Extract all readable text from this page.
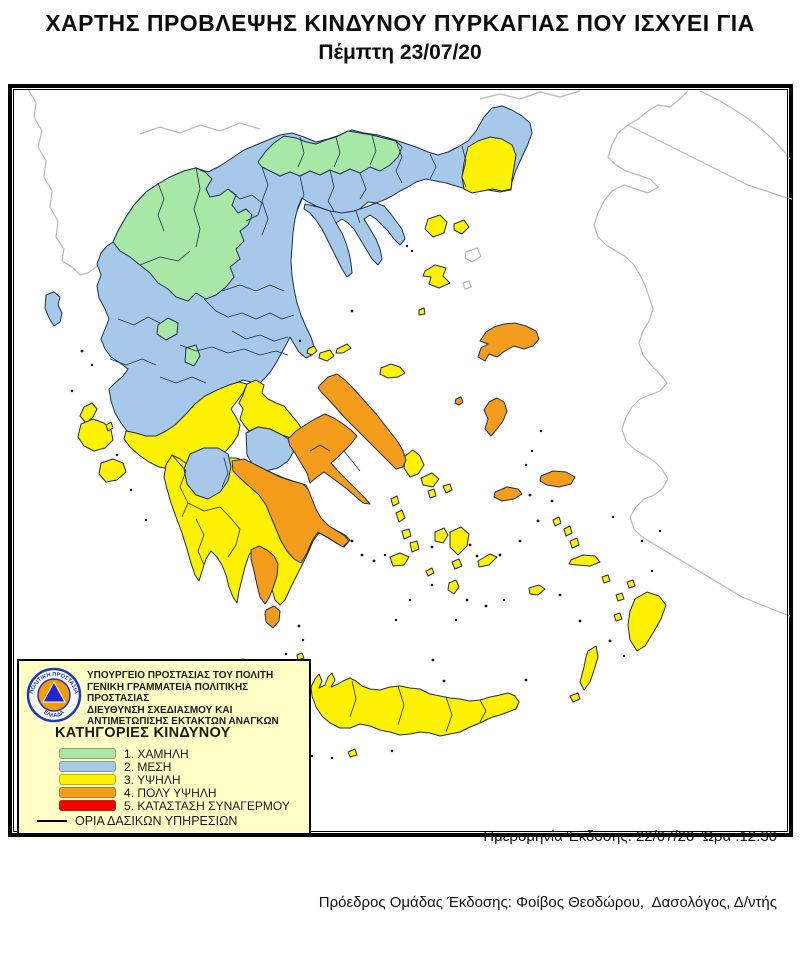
ΧΑΡΤΗΣ ΠΡΟΒΛΕΨΗΣ ΚΙΝΔΥΝΟΥ ΠΥΡΚΑΓΙΑΣ ΠΟΥ ΙΣΧΥΕΙ ΓΙΑ
Πέμπτη 23/07/20
ΠΟΛΙΤΙΚΗ ΠΡΟΣΤΑΣΙΑ
ΕΛΛΑΔΑ
ΥΠΟΥΡΓΕΙΟ ΠΡΟΣΤΑΣΙΑΣ ΤΟΥ ΠΟΛΙΤΗ
ΓΕΝΙΚΗ ΓΡΑΜΜΑΤΕΙΑ ΠΟΛΙΤΙΚΗΣ ΠΡΟΣΤΑΣΙΑΣ
ΔΙΕΥΘΥΝΣΗ ΣΧΕΔΙΑΣΜΟΥ ΚΑΙ
ΑΝΤΙΜΕΤΩΠΙΣΗΣ ΕΚΤΑΚΤΩΝ ΑΝΑΓΚΩΝ
ΚΑΤΗΓΟΡΙΕΣ ΚΙΝΔΥΝΟΥ
1. ΧΑΜΗΛΗ
2. ΜΕΣΗ
3. ΥΨΗΛΗ
4. ΠΟΛΥ ΥΨΗΛΗ
5. ΚΑΤΑΣΤΑΣΗ ΣΥΝΑΓΕΡΜΟΥ
ΟΡΙΑ ΔΑΣΙΚΩΝ ΥΠΗΡΕΣΙΩΝ

Ημερομηνία Έκδοσης: 22/07/20  Ώρα :12:30

Πρόεδρος Ομάδας Έκδοσης: Φοίβος Θεοδώρου,  Δασολόγος, Δ/ντής
